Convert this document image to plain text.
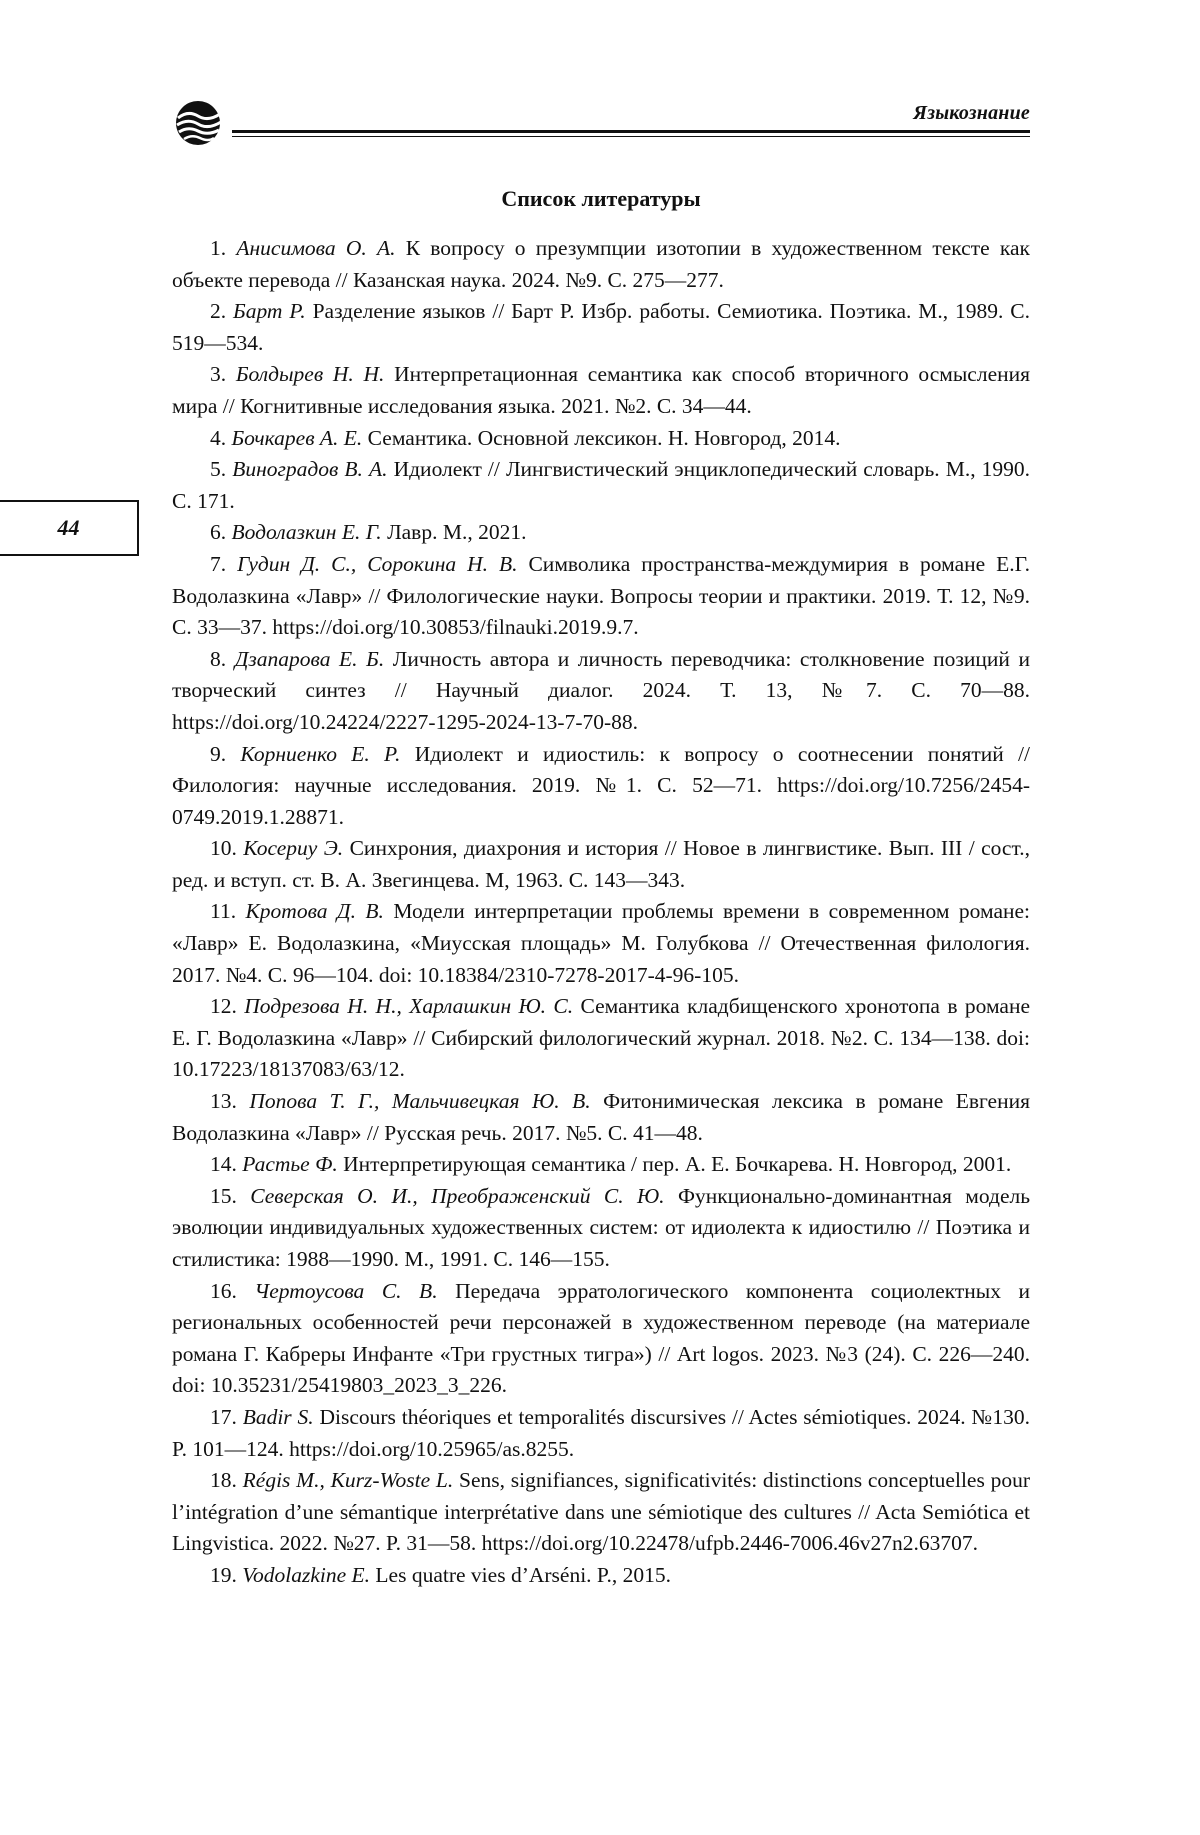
Языкознание
44
Список литературы
1. Анисимова О. А. К вопросу о презумпции изотопии в художественном тексте как объекте перевода // Казанская наука. 2024. №9. С. 275—277.
2. Барт Р. Разделение языков // Барт Р. Избр. работы. Семиотика. Поэтика. М., 1989. С. 519—534.
3. Болдырев Н. Н. Интерпретационная семантика как способ вторичного осмысления мира // Когнитивные исследования языка. 2021. №2. С. 34—44.
4. Бочкарев А. Е. Семантика. Основной лексикон. Н. Новгород, 2014.
5. Виноградов В. А. Идиолект // Лингвистический энциклопедический словарь. М., 1990. С. 171.
6. Водолазкин Е. Г. Лавр. М., 2021.
7. Гудин Д. С., Сорокина Н. В. Символика пространства-междумирия в романе Е.Г. Водолазкина «Лавр» // Филологические науки. Вопросы теории и практики. 2019. Т. 12, №9. С. 33—37. https://doi.org/10.30853/filnauki.2019.9.7.
8. Дзапарова Е. Б. Личность автора и личность переводчика: столкновение позиций и творческий синтез // Научный диалог. 2024. Т. 13, №7. С. 70—88. https://doi.org/10.24224/2227-1295-2024-13-7-70-88.
9. Корниенко Е. Р. Идиолект и идиостиль: к вопросу о соотнесении понятий // Филология: научные исследования. 2019. №1. С. 52—71. https://doi.org/10.7256/2454-0749.2019.1.28871.
10. Косериу Э. Синхрония, диахрония и история // Новое в лингвистике. Вып. III / сост., ред. и вступ. ст. В. А. Звегинцева. М, 1963. С. 143—343.
11. Кротова Д. В. Модели интерпретации проблемы времени в современном романе: «Лавр» Е. Водолазкина, «Миусская площадь» М. Голубкова // Отечественная филология. 2017. №4. С. 96—104. doi: 10.18384/2310-7278-2017-4-96-105.
12. Подрезова Н. Н., Харлашкин Ю. С. Семантика кладбищенского хронотопа в романе Е. Г. Водолазкина «Лавр» // Сибирский филологический журнал. 2018. №2. С. 134—138. doi: 10.17223/18137083/63/12.
13. Попова Т. Г., Мальчивецкая Ю. В. Фитонимическая лексика в романе Евгения Водолазкина «Лавр» // Русская речь. 2017. №5. С. 41—48.
14. Растье Ф. Интерпретирующая семантика / пер. А. Е. Бочкарева. Н. Новгород, 2001.
15. Северская О. И., Преображенский С. Ю. Функционально-доминантная модель эволюции индивидуальных художественных систем: от идиолекта к идиостилю // Поэтика и стилистика: 1988—1990. М., 1991. С. 146—155.
16. Чертоусова С. В. Передача эрратологического компонента социолектных и региональных особенностей речи персонажей в художественном переводе (на материале романа Г. Кабреры Инфанте «Три грустных тигра») // Art logos. 2023. №3 (24). С. 226—240. doi: 10.35231/25419803_2023_3_226.
17. Badir S. Discours théoriques et temporalités discursives // Actes sémiotiques. 2024. №130. P. 101—124. https://doi.org/10.25965/as.8255.
18. Régis M., Kurz-Woste L. Sens, signifiances, significativités: distinctions conceptuelles pour l’intégration d’une sémantique interprétative dans une sémiotique des cultures // Acta Semiótica et Lingvistica. 2022. №27. P. 31—58. https://doi.org/10.22478/ufpb.2446-7006.46v27n2.63707.
19. Vodolazkine E. Les quatre vies d’Arséni. P., 2015.
